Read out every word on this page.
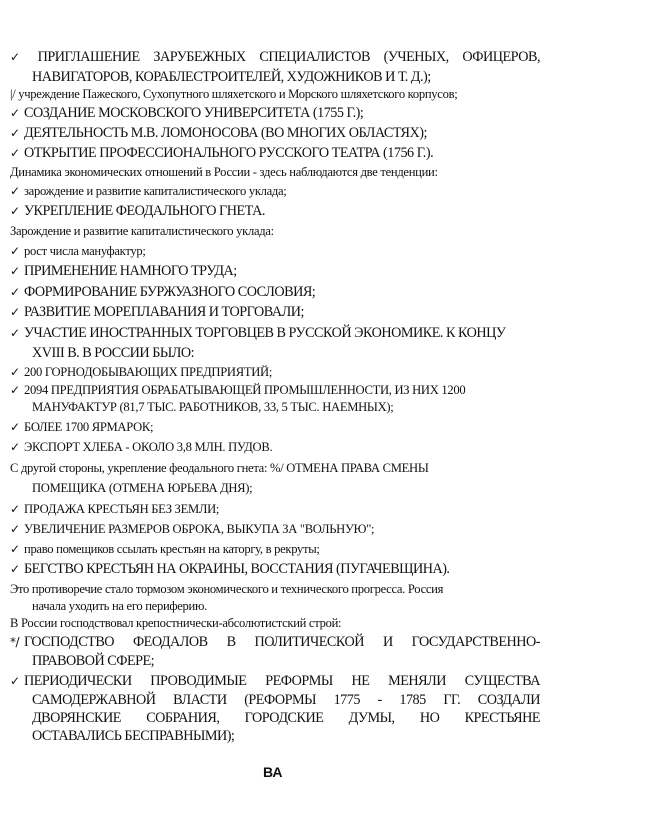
✓ ПРИГЛАШЕНИЕ ЗАРУБЕЖНЫХ СПЕЦИАЛИСТОВ (УЧЕНЫХ, ОФИЦЕРОВ,
НАВИГАТОРОВ, КОРАБЛЕСТРОИТЕЛЕЙ, ХУДОЖНИКОВ И Т. Д.);
|/ учреждение Пажеского, Сухопутного шляхетского и Морского шляхетского корпусов;
✓ СОЗДАНИЕ МОСКОВСКОГО УНИВЕРСИТЕТА (1755 Г.);
✓ ДЕЯТЕЛЬНОСТЬ М.В. ЛОМОНОСОВА (ВО МНОГИХ ОБЛАСТЯХ);
✓ ОТКРЫТИЕ ПРОФЕССИОНАЛЬНОГО РУССКОГО ТЕАТРА (1756 Г.).
Динамика экономических отношений в России - здесь наблюдаются две тенденции:
✓ зарождение и развитие капиталистического уклада;
✓ УКРЕПЛЕНИЕ ФЕОДАЛЬНОГО ГНЕТА.
Зарождение и развитие капиталистического уклада:
✓ рост числа мануфактур;
✓ ПРИМЕНЕНИЕ НАМНОГО ТРУДА;
✓ ФОРМИРОВАНИЕ БУРЖУАЗНОГО СОСЛОВИЯ;
✓ РАЗВИТИЕ МОРЕПЛАВАНИЯ И ТОРГОВАЛИ;
✓ УЧАСТИЕ ИНОСТРАННЫХ ТОРГОВЦЕВ В РУССКОЙ ЭКОНОМИКЕ. К КОНЦУ
XVIII В. В РОССИИ БЫЛО:
✓ 200 ГОРНОДОБЫВАЮЩИХ ПРЕДПРИЯТИЙ;
✓ 2094 ПРЕДПРИЯТИЯ ОБРАБАТЫВАЮЩЕЙ ПРОМЫШЛЕННОСТИ, ИЗ НИХ 1200
МАНУФАКТУР (81,7 ТЫС. РАБОТНИКОВ, 33, 5 ТЫС. НАЕМНЫХ);
✓ БОЛЕЕ 1700 ЯРМАРОК;
✓ ЭКСПОРТ ХЛЕБА - ОКОЛО 3,8 МЛН. ПУДОВ.
С другой стороны, укрепление феодального гнета: %/ ОТМЕНА ПРАВА СМЕНЫ
ПОМЕЩИКА (ОТМЕНА ЮРЬЕВА ДНЯ);
✓ ПРОДАЖА КРЕСТЬЯН БЕЗ ЗЕМЛИ;
✓ УВЕЛИЧЕНИЕ РАЗМЕРОВ ОБРОКА, ВЫКУПА ЗА "ВОЛЬНУЮ";
✓ право помещиков ссылать крестьян на каторгу, в рекруты;
✓ БЕГСТВО КРЕСТЬЯН НА ОКРАИНЫ, ВОССТАНИЯ (ПУГАЧЕВЩИНА).
Это противоречие стало тормозом экономического и технического прогресса. Россия
начала уходить на его периферию.
В России господствовал крепостнически-абсолютистский строй:
*/ ГОСПОДСТВО ФЕОДАЛОВ В ПОЛИТИЧЕСКОЙ И ГОСУДАРСТВЕННО-
ПРАВОВОЙ СФЕРЕ;
✓ ПЕРИОДИЧЕСКИ ПРОВОДИМЫЕ РЕФОРМЫ НЕ МЕНЯЛИ СУЩЕСТВА
САМОДЕРЖАВНОЙ ВЛАСТИ (РЕФОРМЫ 1775 - 1785 ГГ. СОЗДАЛИ
ДВОРЯНСКИЕ СОБРАНИЯ, ГОРОДСКИЕ ДУМЫ, НО КРЕСТЬЯНЕ
ОСТАВАЛИСЬ БЕСПРАВНЫМИ);
ВА
